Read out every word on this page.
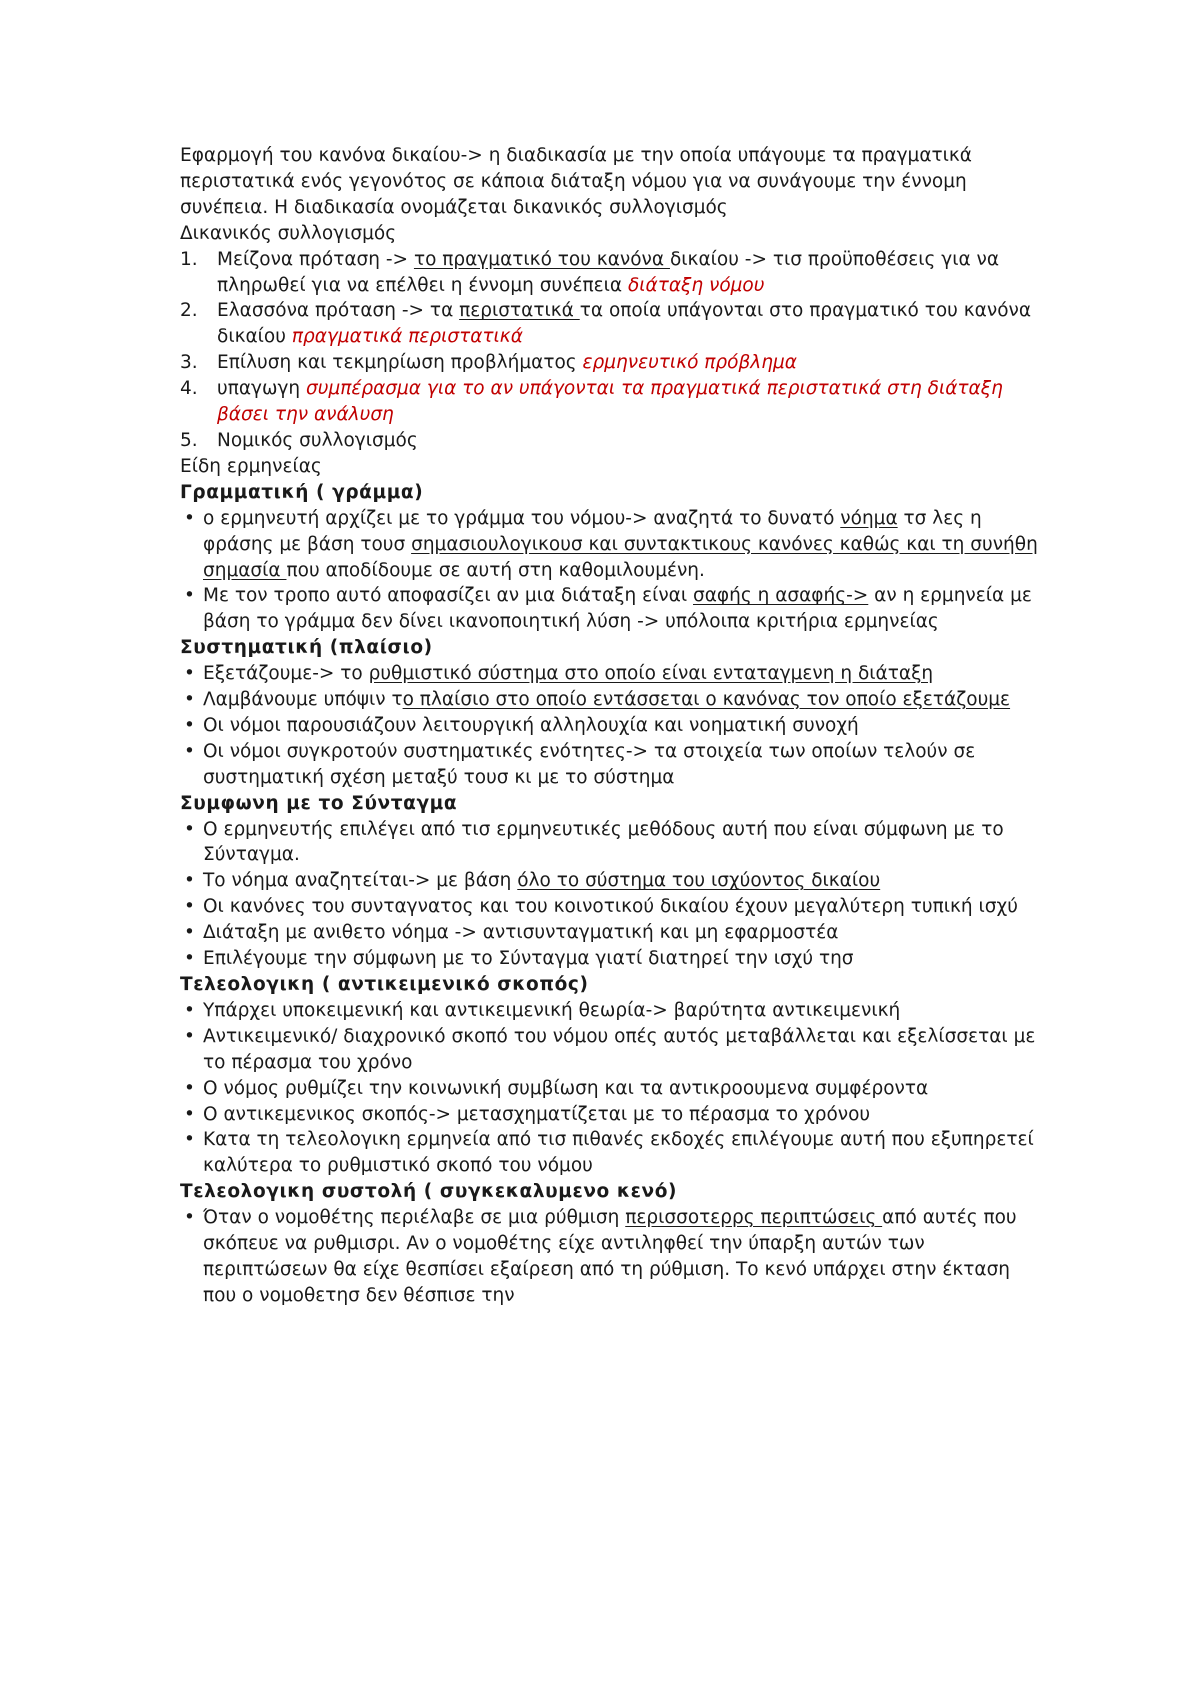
Εφαρμογή του κανόνα δικαίου-> η διαδικασία με την οποία υπάγουμε τα πραγματικά περιστατικά ενός γεγονότος σε κάποια διάταξη νόμου για να συνάγουμε την έννομη συνέπεια. Η διαδικασία ονομάζεται δικανικός συλλογισμός

Δικανικός συλλογισμός

1. Μείζονα πρόταση -> το πραγματικό του κανόνα δικαίου -> τισ προϋποθέσεις για να πληρωθεί για να επέλθει η έννομη συνέπεια διάταξη νόμου
2. Ελασσόνα πρόταση -> τα περιστατικά τα οποία υπάγονται στο πραγματικό του κανόνα δικαίου πραγματικά περιστατικά
3. Επίλυση και τεκμηρίωση προβλήματος ερμηνευτικό πρόβλημα
4. υπαγωγη συμπέρασμα για το αν υπάγονται τα πραγματικά περιστατικά στη διάταξη βάσει την ανάλυση
5. Νομικός συλλογισμός

Είδη ερμηνείας

Γραμματική ( γράμμα)

• ο ερμηνευτή αρχίζει με το γράμμα του νόμου-> αναζητά το δυνατό νόημα τσ λες η φράσης με βάση τουσ σημασιουλογικουσ και συντακτικους κανόνες καθώς και τη συνήθη σημασία που αποδίδουμε σε αυτή στη καθομιλουμένη.
• Με τον τροπο αυτό αποφασίζει αν μια διάταξη είναι σαφής η ασαφής-> αν η ερμηνεία με βάση το γράμμα δεν δίνει ικανοποιητική λύση -> υπόλοιπα κριτήρια ερμηνείας

Συστηματική (πλαίσιο)

• Εξετάζουμε-> το ρυθμιστικό σύστημα στο οποίο είναι ενταταγμενη η διάταξη
• Λαμβάνουμε υπόψιν το πλαίσιο στο οποίο εντάσσεται ο κανόνας τον οποίο εξετάζουμε
• Οι νόμοι παρουσιάζουν λειτουργική αλληλουχία και νοηματική συνοχή
• Οι νόμοι συγκροτούν συστηματικές ενότητες-> τα στοιχεία των οποίων τελούν σε συστηματική σχέση μεταξύ τουσ κι με το σύστημα

Συμφωνη με το Σύνταγμα

• Ο ερμηνευτής επιλέγει από τισ ερμηνευτικές μεθόδους αυτή που είναι σύμφωνη με το Σύνταγμα.
• Το νόημα αναζητείται-> με βάση όλο το σύστημα του ισχύοντος δικαίου
• Οι κανόνες του συνταγνατος και του κοινοτικού δικαίου έχουν μεγαλύτερη τυπική ισχύ
• Διάταξη με ανιθετο νόημα -> αντισυνταγματική και μη εφαρμοστέα
• Επιλέγουμε την σύμφωνη με το Σύνταγμα γιατί διατηρεί την ισχύ τησ

Τελεολογικη ( αντικειμενικό σκοπός)

• Υπάρχει υποκειμενική και αντικειμενική θεωρία-> βαρύτητα αντικειμενική
• Αντικειμενικό/ διαχρονικό σκοπό του νόμου οπές αυτός μεταβάλλεται και εξελίσσεται με το πέρασμα του χρόνο
• Ο νόμος ρυθμίζει την κοινωνική συμβίωση και τα αντικροουμενα συμφέροντα
• Ο αντικεμενικος σκοπός-> μετασχηματίζεται με το πέρασμα το χρόνου
• Κατα τη τελεολογικη ερμηνεία από τισ πιθανές εκδοχές επιλέγουμε αυτή που εξυπηρετεί καλύτερα το ρυθμιστικό σκοπό του νόμου

Τελεολογικη συστολή ( συγκεκαλυμενο κενό)

• Όταν ο νομοθέτης περιέλαβε σε μια ρύθμιση περισσοτερρς περιπτώσεις από αυτές που σκόπευε να ρυθμισρι. Αν ο νομοθέτης είχε αντιληφθεί την ύπαρξη αυτών των περιπτώσεων θα είχε θεσπίσει εξαίρεση από τη ρύθμιση. Το κενό υπάρχει στην έκταση που ο νομοθετησ δεν θέσπισε την
